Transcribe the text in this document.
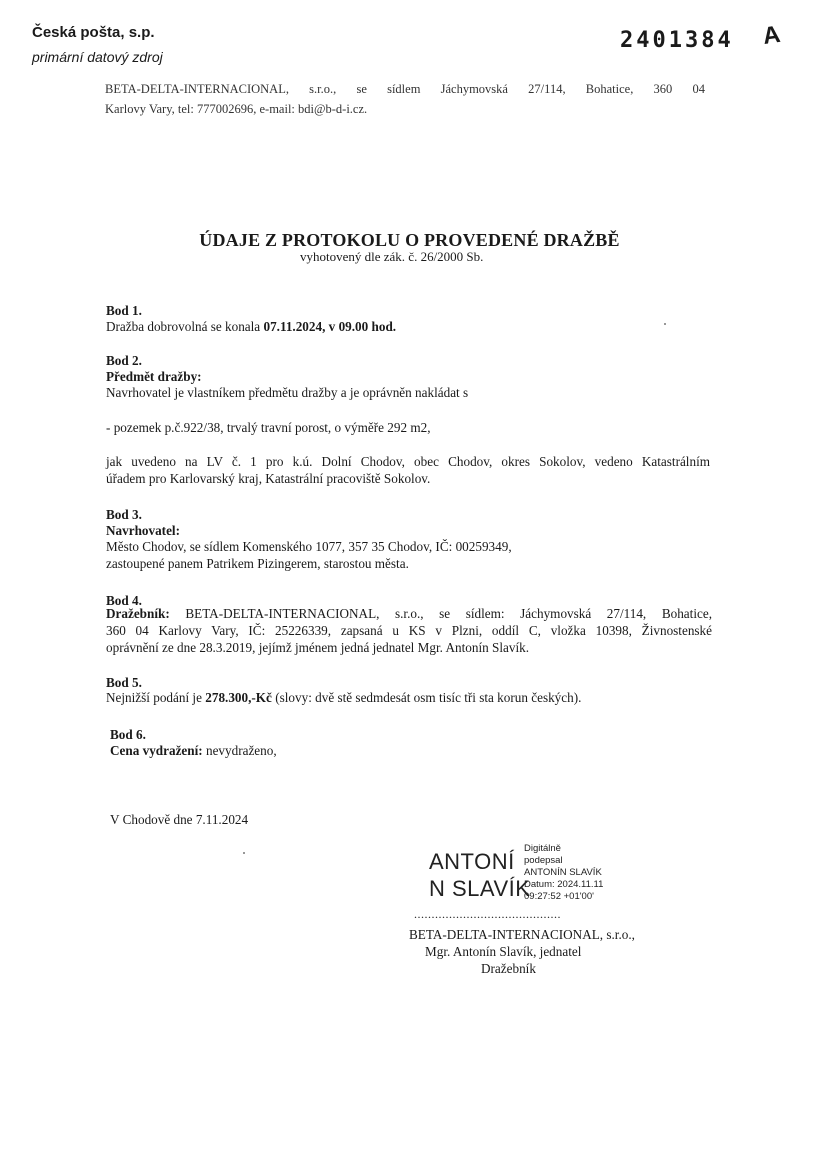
Česká pošta, s.p.
primární datový zdroj
2401384 A
BETA-DELTA-INTERNACIONAL, s.r.o., se sídlem Jáchymovská 27/114, Bohatice, 360 04
Karlovy Vary, tel: 777002696, e-mail: bdi@b-d-i.cz.
ÚDAJE Z PROTOKOLU O PROVEDENÉ DRAŽBĚ
vyhotovený dle zák. č. 26/2000 Sb.
Bod 1.
Dražba dobrovolná se konala 07.11.2024, v 09.00 hod.
Bod 2.
Předmět dražby:
Navrhovatel je vlastníkem předmětu dražby a je oprávněn nakládat s
- pozemek p.č.922/38, trvalý travní porost, o výměře 292 m2,
jak uvedeno na LV č. 1 pro k.ú. Dolní Chodov, obec Chodov, okres Sokolov, vedeno Katastrálním
úřadem pro Karlovarský kraj, Katastrální pracoviště Sokolov.
Bod 3.
Navrhovatel:
Město Chodov, se sídlem Komenského 1077, 357 35 Chodov, IČ: 00259349,
zastoupené panem Patrikem Pizingerem, starostou města.
Bod 4.
Dražebník: BETA-DELTA-INTERNACIONAL, s.r.o., se sídlem: Jáchymovská 27/114, Bohatice,
360 04 Karlovy Vary, IČ: 25226339, zapsaná u KS v Plzni, oddíl C, vložka 10398, Živnostenské
oprávnění ze dne 28.3.2019, jejímž jménem jedná jednatel Mgr. Antonín Slavík.
Bod 5.
Nejnižší podání je 278.300,-Kč (slovy: dvě stě sedmdesát osm tisíc tři sta korun českých).
Bod 6.
Cena vydražení: nevydraženo,
V Chodově dne 7.11.2024
ANTONÍ
N SLAVÍK
Digitálně
podepsal
ANTONÍN SLAVÍK
Datum: 2024.11.11
09:27:52 +01'00'
..........................................
BETA-DELTA-INTERNACIONAL, s.r.o.,
Mgr. Antonín Slavík, jednatel
Dražebník
